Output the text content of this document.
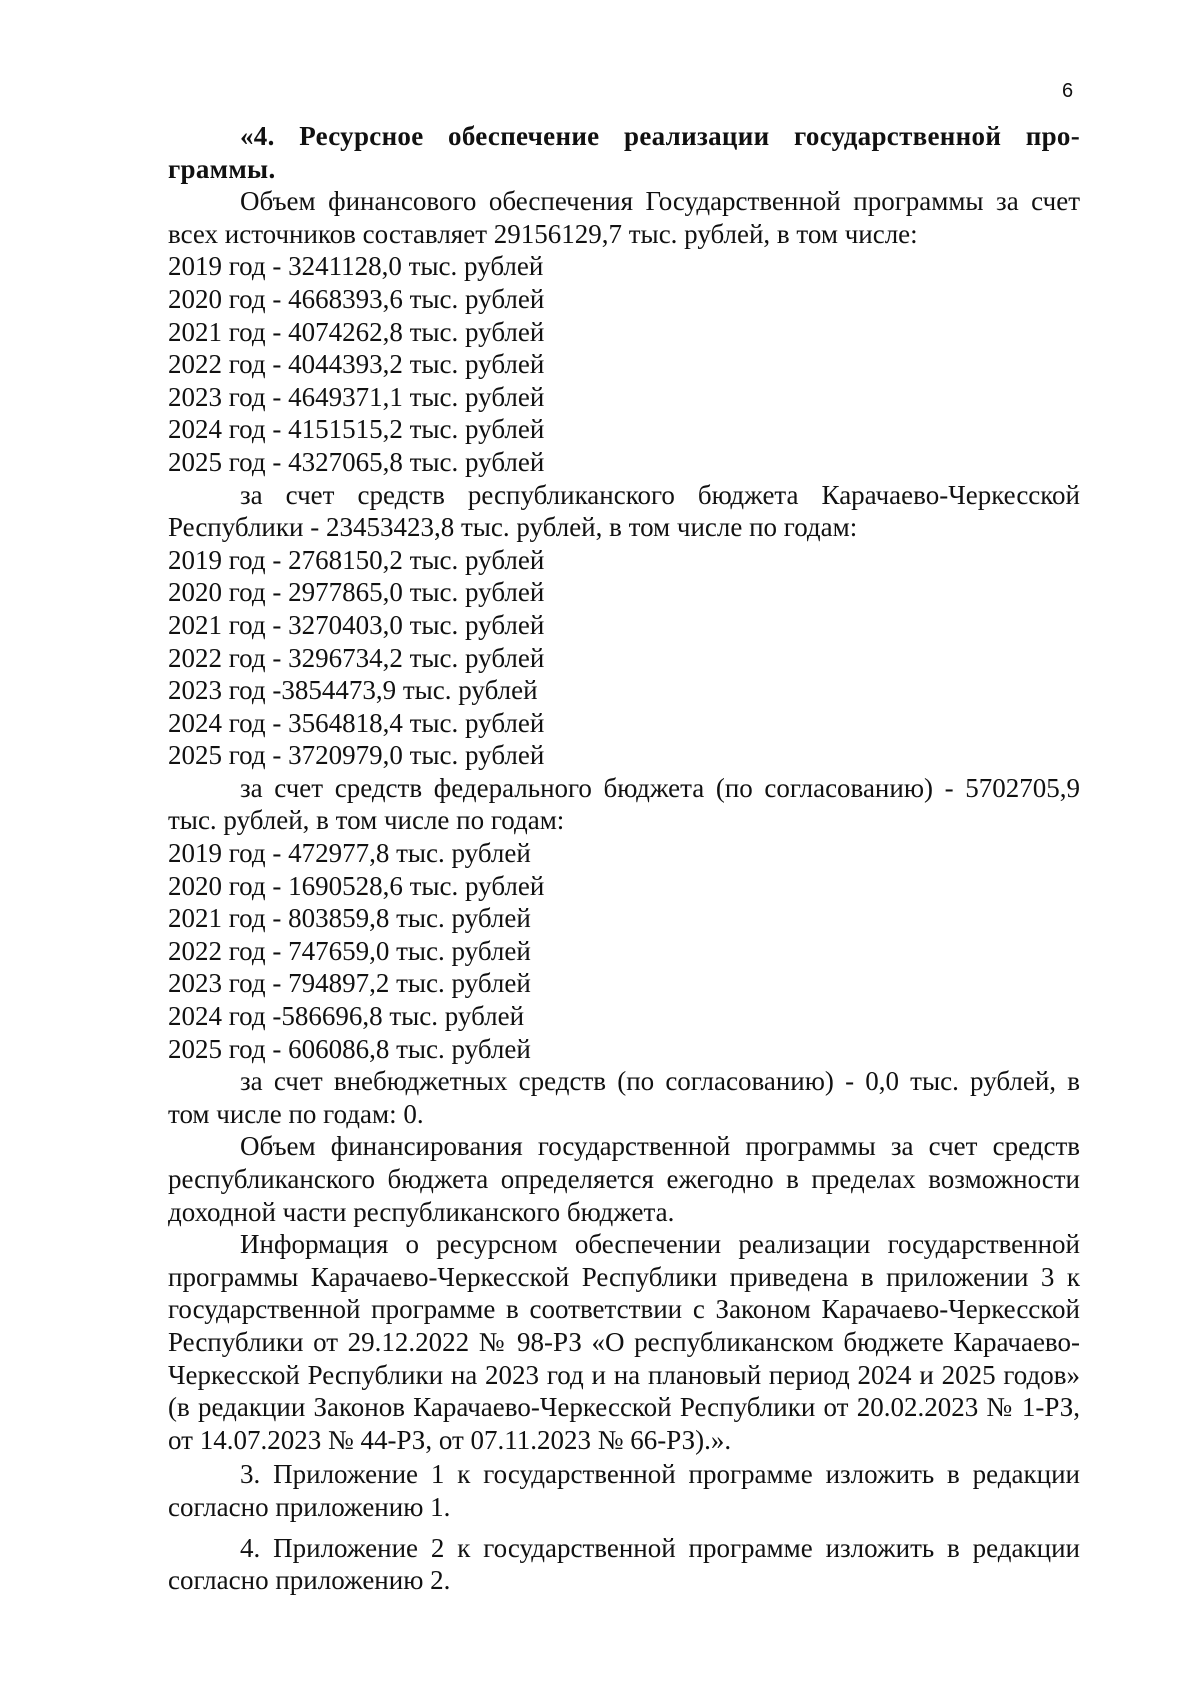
6

«4. Ресурсное обеспечение реализации государственной про-граммы.

Объем финансового обеспечения Государственной программы за счет всех источников составляет 29156129,7 тыс. рублей, в том числе:

2019 год - 3241128,0 тыс. рублей

2020 год - 4668393,6 тыс. рублей

2021 год - 4074262,8 тыс. рублей

2022 год - 4044393,2 тыс. рублей

2023 год - 4649371,1 тыс. рублей

2024 год - 4151515,2 тыс. рублей

2025 год - 4327065,8 тыс. рублей

за счет средств республиканского бюджета Карачаево-Черкесской Республики - 23453423,8 тыс. рублей, в том числе по годам:

2019 год - 2768150,2 тыс. рублей

2020 год - 2977865,0 тыс. рублей

2021 год - 3270403,0 тыс. рублей

2022 год - 3296734,2 тыс. рублей

2023 год -3854473,9 тыс. рублей

2024 год - 3564818,4 тыс. рублей

2025 год - 3720979,0 тыс. рублей

за счет средств федерального бюджета (по согласованию) - 5702705,9 тыс. рублей, в том числе по годам:

2019 год - 472977,8 тыс. рублей

2020 год - 1690528,6 тыс. рублей

2021 год - 803859,8 тыс. рублей

2022 год - 747659,0 тыс. рублей

2023 год - 794897,2 тыс. рублей

2024 год -586696,8 тыс. рублей

2025 год - 606086,8 тыс. рублей

за счет внебюджетных средств (по согласованию) - 0,0 тыс. рублей, в том числе по годам: 0.

Объем финансирования государственной программы за счет средств республиканского бюджета определяется ежегодно в пределах возможности доходной части республиканского бюджета.

Информация о ресурсном обеспечении реализации государственной программы Карачаево-Черкесской Республики приведена в приложении 3 к государственной программе в соответствии с Законом Карачаево-Черкесской Республики от 29.12.2022 № 98-РЗ «О республиканском бюджете Карачаево-Черкесской Республики на 2023 год и на плановый период 2024 и 2025 годов» (в редакции Законов Карачаево-Черкесской Республики от 20.02.2023 № 1-РЗ, от 14.07.2023 № 44-РЗ, от 07.11.2023 № 66-РЗ).».

3. Приложение 1 к государственной программе изложить в редакции согласно приложению 1.

4. Приложение 2 к государственной программе изложить в редакции согласно приложению 2.
